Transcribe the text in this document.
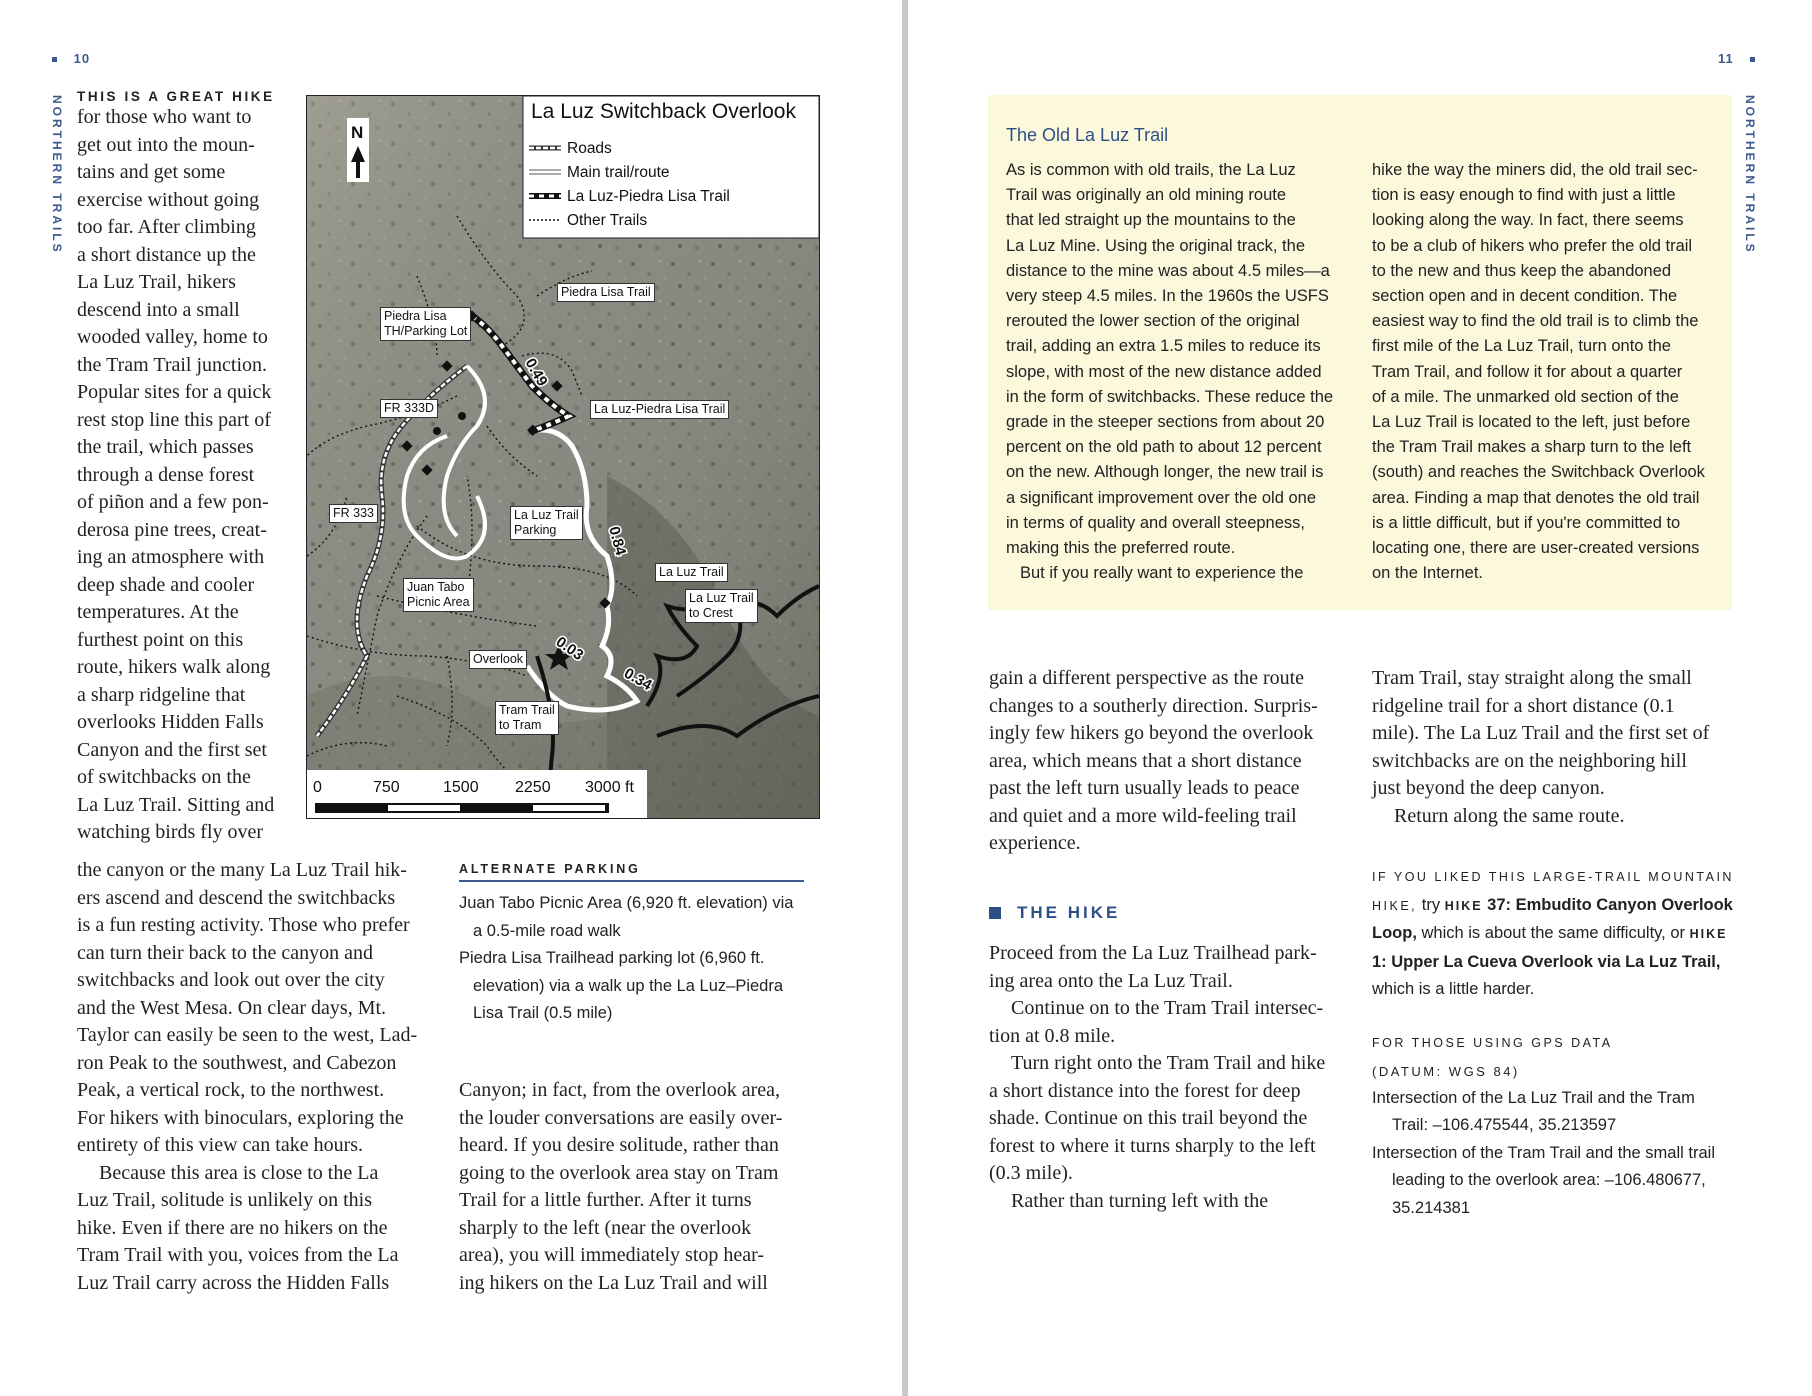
10
NORTHERN TRAILS THIS IS A GREAT HIKE

for those who want to

get out into the moun-

tains and get some

exercise without going

too far. After climbing

a short distance up the

La Luz Trail, hikers

descend into a small

wooded valley, home to

the Tram Trail junction.

Popular sites for a quick

rest stop line this part of

the trail, which passes

through a dense forest

of piñon and a few pon-

derosa pine trees, creat-

ing an atmosphere with

deep shade and cooler

temperatures. At the

furthest point on this

route, hikers walk along

a sharp ridgeline that

overlooks Hidden Falls

Canyon and the first set

of switchbacks on the

La Luz Trail. Sitting and

watching birds fly over

0.49
0.84
0.03
0.34
N
La Luz Switchback Overlook
Roads
Main trail/route
La Luz-Piedra Lisa Trail
Other Trails
0	750	1500 2250 3000 ft
Piedra Lisa Trail
Piedra Lisa
TH/Parking Lot
FR 333D	La Luz-Piedra Lisa Trail
FR 333	La Luz Trail
Parking
Juan Tabo
Picnic Area
La Luz Trail
La Luz Trail
to Crest
Overlook
Tram Trail
to Tram

the canyon or the many La Luz Trail hik-

ers ascend and descend the switchbacks

is a fun resting activity. Those who prefer

can turn their back to the canyon and

switchbacks and look out over the city

and the West Mesa. On clear days, Mt.

Taylor can easily be seen to the west, Lad-

ron Peak to the southwest, and Cabezon

Peak, a vertical rock, to the northwest.

For hikers with binoculars, exploring the

entirety of this view can take hours.

Because this area is close to the La

Luz Trail, solitude is unlikely on this

hike. Even if there are no hikers on the

Tram Trail with you, voices from the La

Luz Trail carry across the Hidden Falls

ALTERNATE PARKING
Juan Tabo Picnic Area (6,920 ft. elevation) via
a 0.5-mile road walk
Piedra Lisa Trailhead parking lot (6,960 ft.
elevation) via a walk up the La Luz–Piedra
Lisa Trail (0.5 mile)

Canyon; in fact, from the overlook area,

the louder conversations are easily over-

heard. If you desire solitude, rather than

going to the overlook area stay on Tram

Trail for a little further. After it turns

sharply to the left (near the overlook

area), you will immediately stop hear-

ing hikers on the La Luz Trail and will

11
NORTHERN TRAILS
The Old La Luz Trail

As is common with old trails, the La Luz

Trail was originally an old mining route

that led straight up the mountains to the

La Luz Mine. Using the original track, the

distance to the mine was about 4.5 miles—a

very steep 4.5 miles. In the 1960s the USFS

rerouted the lower section of the original

trail, adding an extra 1.5 miles to reduce its

slope, with most of the new distance added

in the form of switchbacks. These reduce the

grade in the steeper sections from about 20

percent on the old path to about 12 percent

on the new. Although longer, the new trail is

a significant improvement over the old one

in terms of quality and overall steepness,

making this the preferred route.

But if you really want to experience the

hike the way the miners did, the old trail sec-

tion is easy enough to find with just a little

looking along the way. In fact, there seems

to be a club of hikers who prefer the old trail

to the new and thus keep the abandoned

section open and in decent condition. The

easiest way to find the old trail is to climb the

first mile of the La Luz Trail, turn onto the

Tram Trail, and follow it for about a quarter

of a mile. The unmarked old section of the

La Luz Trail is located to the left, just before

the Tram Trail makes a sharp turn to the left

(south) and reaches the Switchback Overlook

area. Finding a map that denotes the old trail

is a little difficult, but if you're committed to

locating one, there are user-created versions

on the Internet.

gain a different perspective as the route

changes to a southerly direction. Surpris-

ingly few hikers go beyond the overlook

area, which means that a short distance

past the left turn usually leads to peace

and quiet and a more wild-feeling trail

experience.

THE HIKE

Proceed from the La Luz Trailhead park-

ing area onto the La Luz Trail.

Continue on to the Tram Trail intersec-

tion at 0.8 mile.

Turn right onto the Tram Trail and hike

a short distance into the forest for deep

shade. Continue on this trail beyond the

forest to where it turns sharply to the left

(0.3 mile).

Rather than turning left with the

Tram Trail, stay straight along the small

ridgeline trail for a short distance (0.1

mile). The La Luz Trail and the first set of

switchbacks are on the neighboring hill

just beyond the deep canyon.

Return along the same route.

IF YOU LIKED THIS LARGE-TRAIL MOUNTAIN HIKE, try HIKE 37: Embudito Canyon Overlook Loop, which is about the same difficulty, or HIKE 1: Upper La Cueva Overlook via La Luz Trail, which is a little harder.
FOR THOSE USING GPS DATA
(DATUM: WGS 84)
Intersection of the La Luz Trail and the Tram
Trail: –106.475544, 35.213597
Intersection of the Tram Trail and the small trail
leading to the overlook area: –106.480677,
35.214381
